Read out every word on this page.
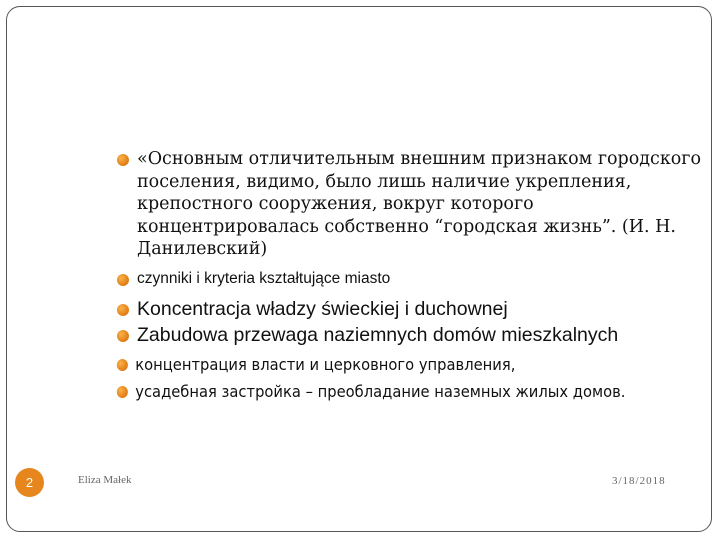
«Основным отличительным внешним признаком городского поселения, видимо, было лишь наличие укрепления, крепостного сооружения, вокруг которого концентрировалась собственно “городская жизнь”. (И. Н. Данилевский)
czynniki i kryteria kształtujące miasto
Koncentracja władzy świeckiej i duchownej
Zabudowa przewaga naziemnych domów mieszkalnych
концентрация власти и церковного управления,
усадебная застройка – преобладание наземных жилых домов.
2	Eliza Małek	3/18/2018
